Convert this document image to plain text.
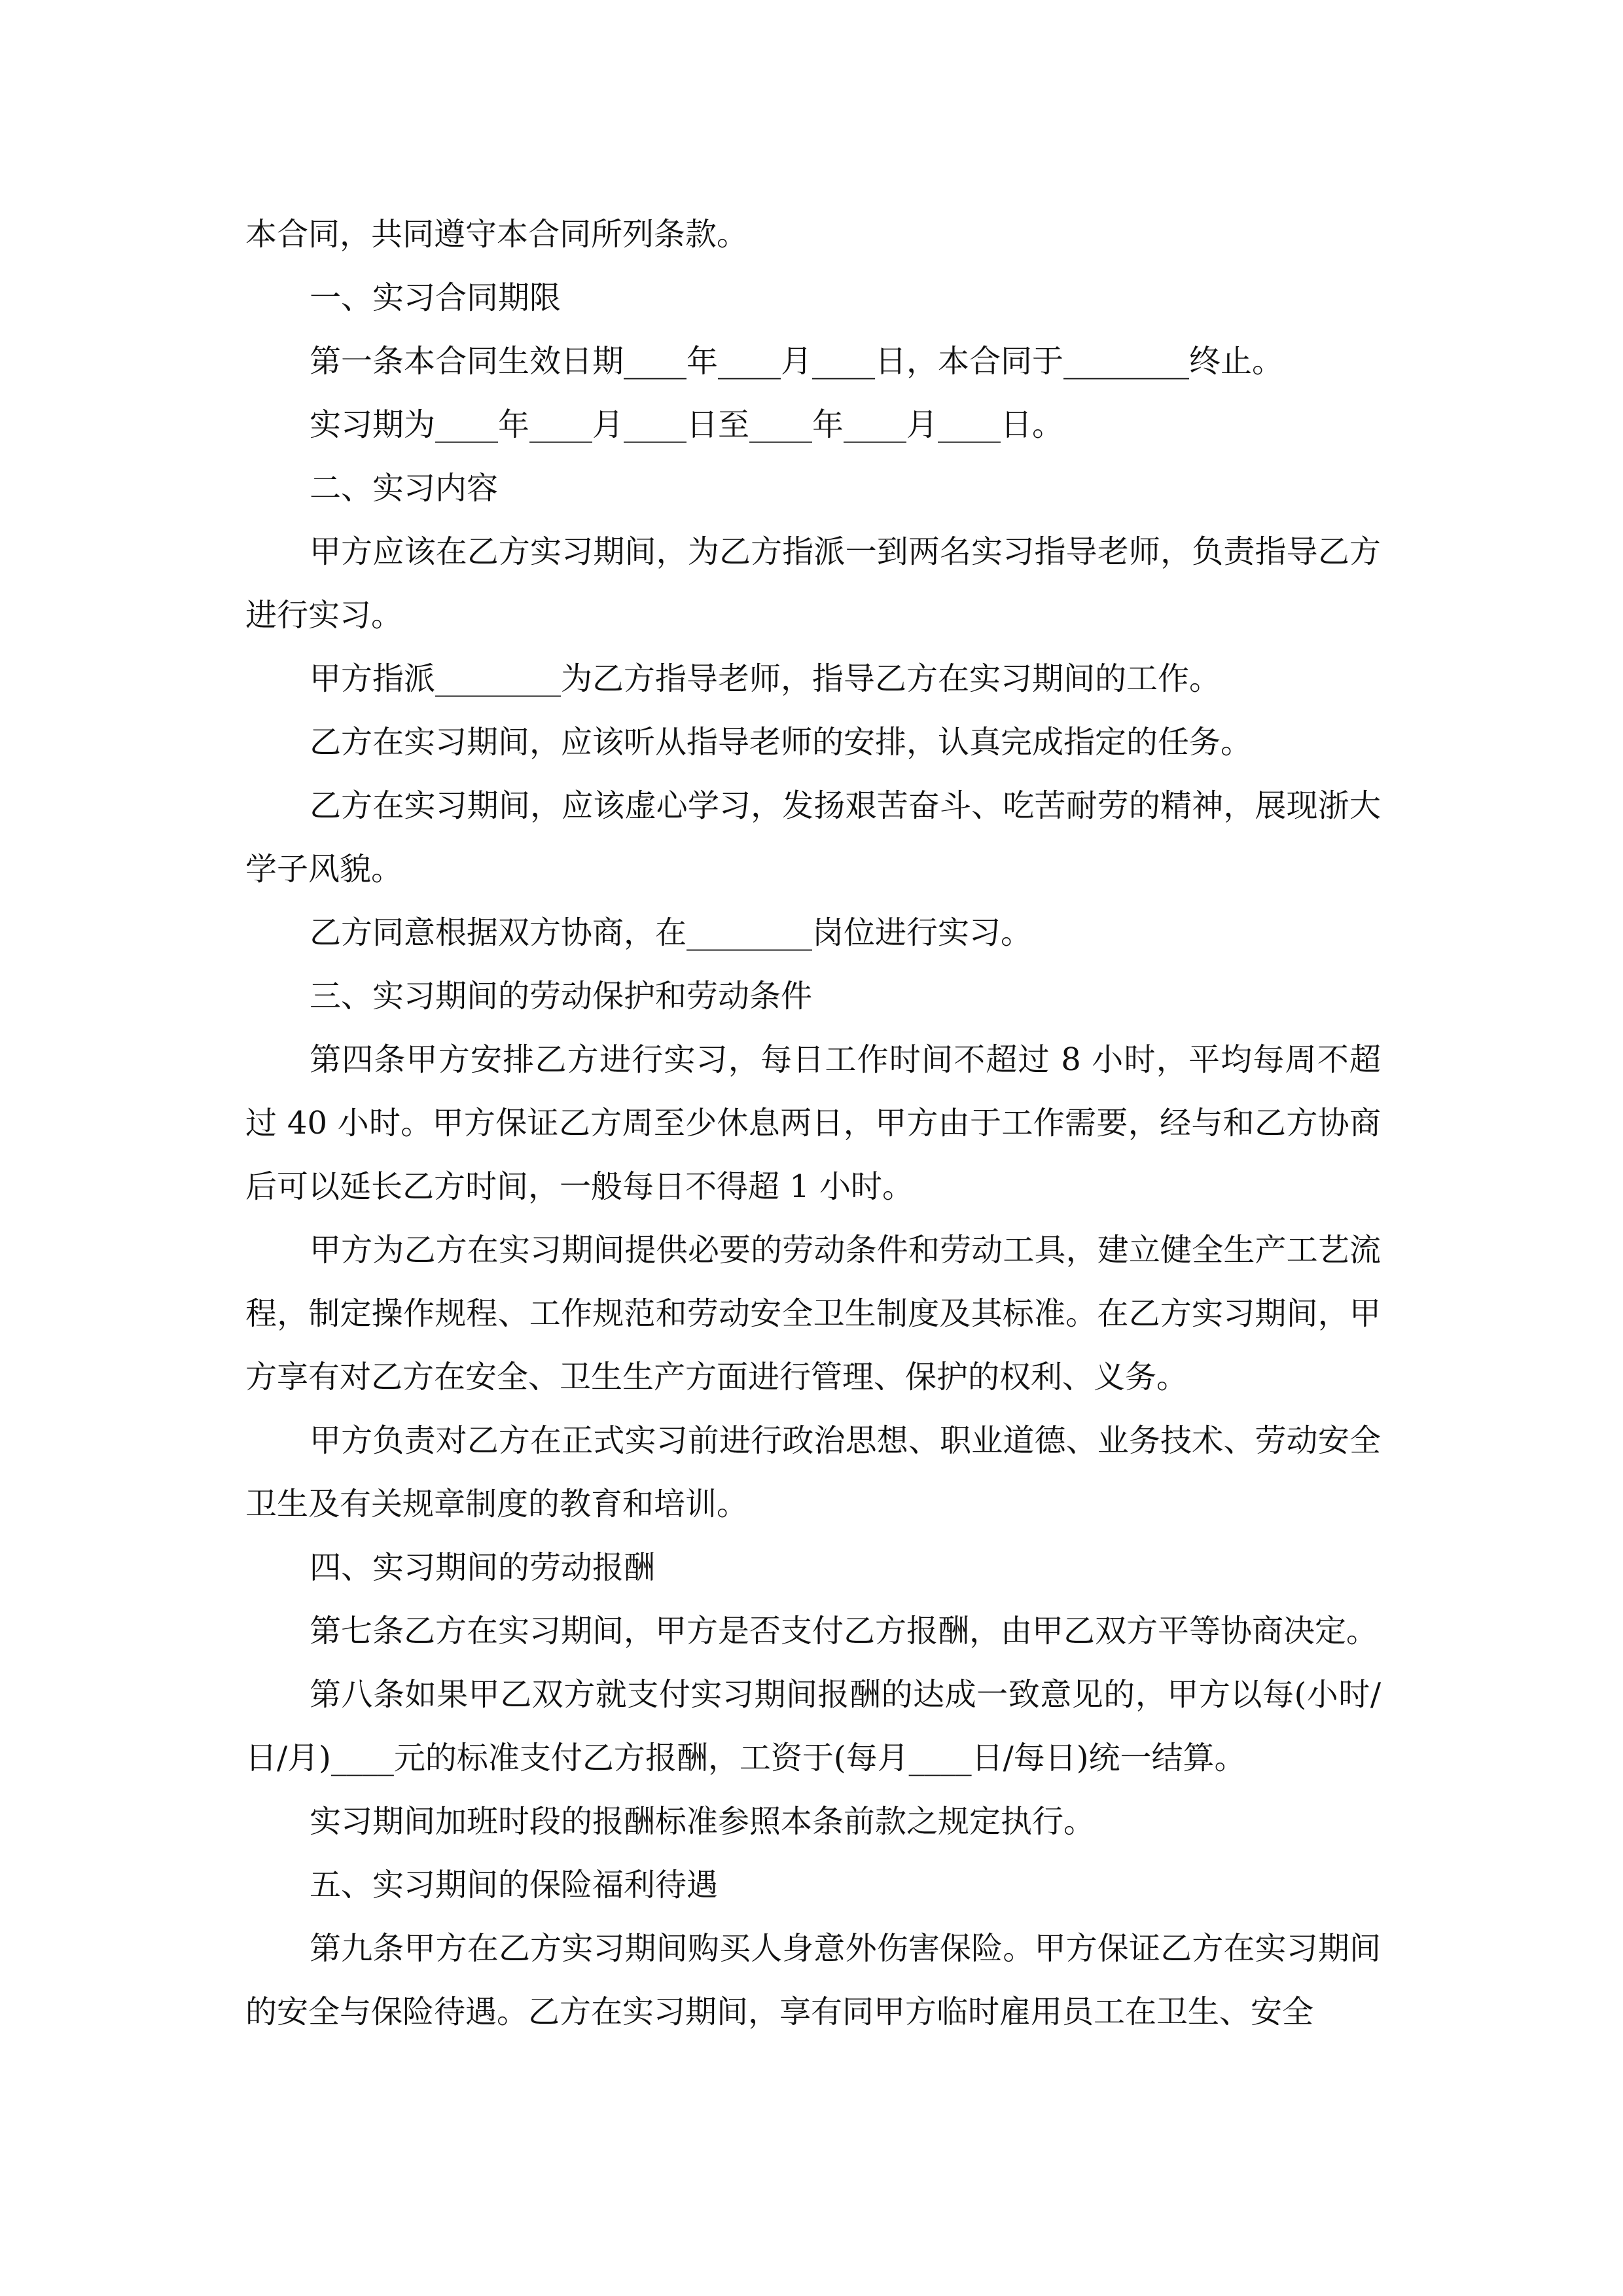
本合同，共同遵守本合同所列条款。

一、实习合同期限

第一条本合同生效日期____年____月____日，本合同于________终止。

实习期为____年____月____日至____年____月____日。

二、实习内容

甲方应该在乙方实习期间，为乙方指派一到两名实习指导老师，负责指导乙方进行实习。

甲方指派________为乙方指导老师，指导乙方在实习期间的工作。

乙方在实习期间，应该听从指导老师的安排，认真完成指定的任务。

乙方在实习期间，应该虚心学习，发扬艰苦奋斗、吃苦耐劳的精神，展现浙大学子风貌。

乙方同意根据双方协商，在________岗位进行实习。

三、实习期间的劳动保护和劳动条件

第四条甲方安排乙方进行实习，每日工作时间不超过 8 小时，平均每周不超过 40 小时。甲方保证乙方周至少休息两日，甲方由于工作需要，经与和乙方协商后可以延长乙方时间，一般每日不得超 1 小时。

甲方为乙方在实习期间提供必要的劳动条件和劳动工具，建立健全生产工艺流程，制定操作规程、工作规范和劳动安全卫生制度及其标准。在乙方实习期间，甲方享有对乙方在安全、卫生生产方面进行管理、保护的权利、义务。

甲方负责对乙方在正式实习前进行政治思想、职业道德、业务技术、劳动安全卫生及有关规章制度的教育和培训。

四、实习期间的劳动报酬

第七条乙方在实习期间，甲方是否支付乙方报酬，由甲乙双方平等协商决定。

第八条如果甲乙双方就支付实习期间报酬的达成一致意见的，甲方以每(小时/日/月)____元的标准支付乙方报酬，工资于(每月____日/每日)统一结算。

实习期间加班时段的报酬标准参照本条前款之规定执行。

五、实习期间的保险福利待遇

第九条甲方在乙方实习期间购买人身意外伤害保险。甲方保证乙方在实习期间的安全与保险待遇。乙方在实习期间，享有同甲方临时雇用员工在卫生、安全
